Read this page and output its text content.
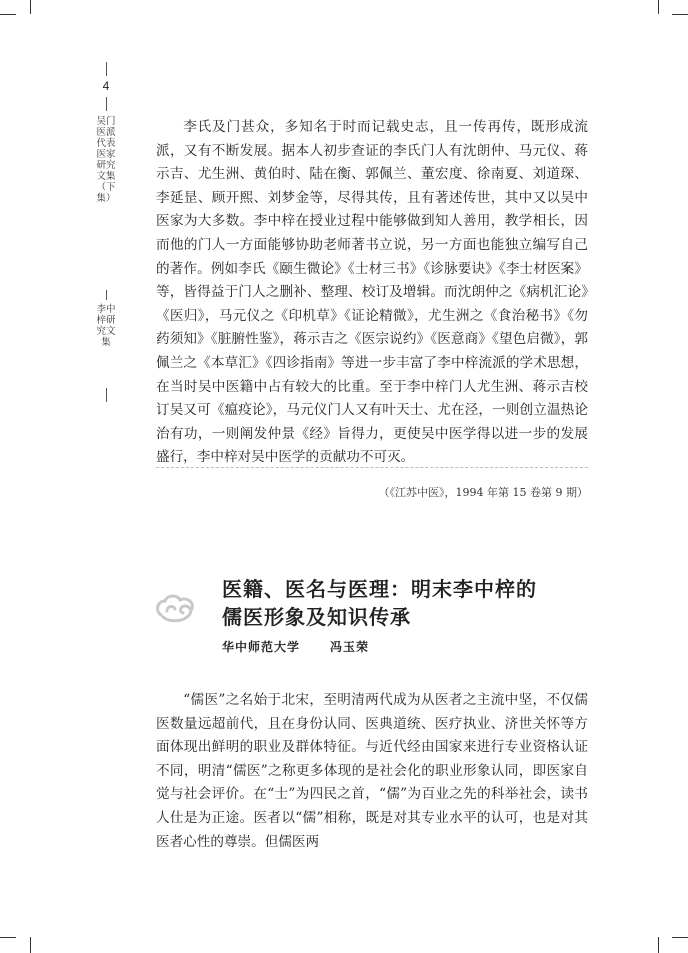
4
吴门医派代表医家研究文集（下集）
李中梓研究文集

李氏及门甚众，多知名于时而记载史志，且一传再传，既形成流派，又有不断发展。据本人初步查证的李氏门人有沈朗仲、马元仪、蒋示吉、尤生洲、黄伯时、陆在衡、郭佩兰、董宏度、徐南夏、刘道琛、李延昰、顾开熙、刘梦金等，尽得其传，且有著述传世，其中又以吴中医家为大多数。李中梓在授业过程中能够做到知人善用，教学相长，因而他的门人一方面能够协助老师著书立说，另一方面也能独立编写自己的著作。例如李氏《颐生微论》《士材三书》《诊脉要诀》《李士材医案》等，皆得益于门人之删补、整理、校订及增辑。而沈朗仲之《病机汇论》《医归》，马元仪之《印机草》《证论精微》，尤生洲之《食治秘书》《勿药须知》《脏腑性鉴》，蒋示吉之《医宗说约》《医意商》《望色启微》，郭佩兰之《本草汇》《四诊指南》等进一步丰富了李中梓流派的学术思想，在当时吴中医籍中占有较大的比重。至于李中梓门人尤生洲、蒋示吉校订吴又可《瘟疫论》，马元仪门人又有叶天士、尤在泾，一则创立温热论治有功，一则阐发仲景《经》旨得力，更使吴中医学得以进一步的发展盛行，李中梓对吴中医学的贡献功不可灭。

（《江苏中医》，1994 年第 15 卷第 9 期）
医籍、医名与医理：明末李中梓的
儒医形象及知识传承
华中师范大学	冯玉荣

“儒医”之名始于北宋，至明清两代成为从医者之主流中坚，不仅儒医数量远超前代，且在身份认同、医典道统、医疗执业、济世关怀等方面体现出鲜明的职业及群体特征。与近代经由国家来进行专业资格认证不同，明清“儒医”之称更多体现的是社会化的职业形象认同，即医家自觉与社会评价。在“士”为四民之首，“儒”为百业之先的科举社会，读书人仕是为正途。医者以“儒”相称，既是对其专业水平的认可，也是对其医者心性的尊崇。但儒医两
